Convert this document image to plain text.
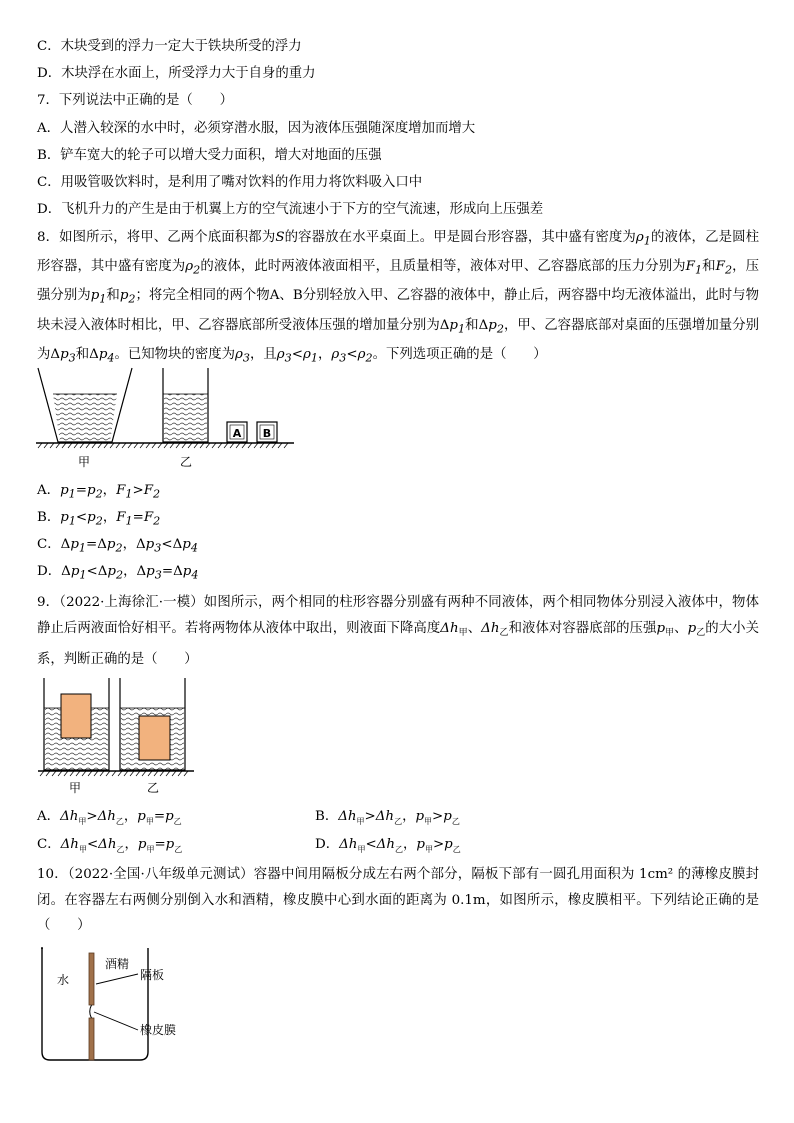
C．木块受到的浮力一定大于铁块所受的浮力
D．木块浮在水面上，所受浮力大于自身的重力
7．下列说法中正确的是（　　）
A．人潜入较深的水中时，必须穿潜水服，因为液体压强随深度增加而增大
B．铲车宽大的轮子可以增大受力面积，增大对地面的压强
C．用吸管吸饮料时，是利用了嘴对饮料的作用力将饮料吸入口中
D．飞机升力的产生是由于机翼上方的空气流速小于下方的空气流速，形成向上压强差
8．如图所示，将甲、乙两个底面积都为S的容器放在水平桌面上。甲是圆台形容器，其中盛有密度为$\rho_1$的液体，乙是圆柱形容器，其中盛有密度为$\rho_2$的液体，此时两液体液面相平，且质量相等，液体对甲、乙容器底部的压力分别为$F_1$和$F_2$，压强分别为$p_1$和$p_2$；将完全相同的两个物A、B分别轻放入甲、乙容器的液体中，静止后，两容器中均无液体溢出，此时与物块未浸入液体时相比，甲、乙容器底部所受液体压强的增加量分别为$\Delta p_1$和$\Delta p_2$，甲、乙容器底部对桌面的压强增加量分别为$\Delta p_3$和$\Delta p_4$。已知物块的密度为$\rho_3$，且$\rho_3<\rho_1$，$\rho_3<\rho_2$。下列选项正确的是（　　）
A B
甲	乙
A．$p_1=p_2$，$F_1>F_2$
B．$p_1<p_2$，$F_1=F_2$
C．$\Delta p_1=\Delta p_2$，$\Delta p_3<\Delta p_4$
D．$\Delta p_1<\Delta p_2$，$\Delta p_3=\Delta p_4$
9．（2022·上海徐汇·一模）如图所示，两个相同的柱形容器分别盛有两种不同液体，两个相同物体分别浸入液体中，物体静止后两液面恰好相平。若将两物体从液体中取出，则液面下降高度$\Delta h_甲$、$\Delta h_乙$和液体对容器底部的压强$p_甲$、$p_乙$的大小关系，判断正确的是（　　）
甲	乙
A．$\Delta h_甲>\Delta h_乙$，$p_甲=p_乙$	B．$\Delta h_甲>\Delta h_乙$，$p_甲>p_乙$
C．$\Delta h_甲<\Delta h_乙$，$p_甲=p_乙$	D．$\Delta h_甲<\Delta h_乙$，$p_甲>p_乙$
10．（2022·全国·八年级单元测试）容器中间用隔板分成左右两个部分，隔板下部有一圆孔用面积为 1cm² 的薄橡皮膜封闭。在容器左右两侧分别倒入水和酒精，橡皮膜中心到水面的距离为 0.1m，如图所示，橡皮膜相平。下列结论正确的是（　　）
水
酒精
隔板
橡皮膜
